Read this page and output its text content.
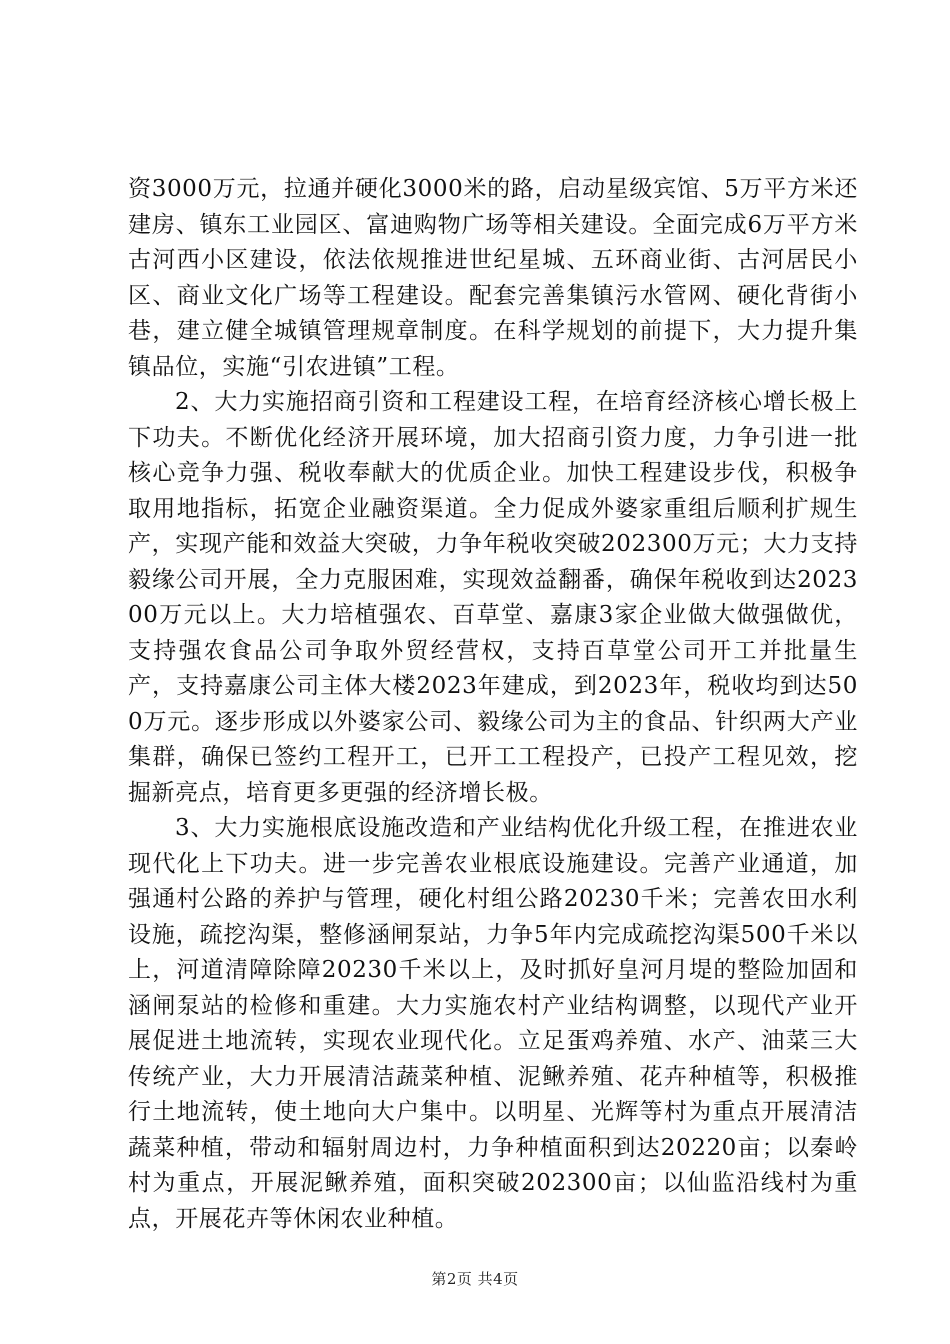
资3000万元，拉通并硬化3000米的路，启动星级宾馆、5万平方米还建房、镇东工业园区、富迪购物广场等相关建设。全面完成6万平方米古河西小区建设，依法依规推进世纪星城、五环商业街、古河居民小区、商业文化广场等工程建设。配套完善集镇污水管网、硬化背街小巷，建立健全城镇管理规章制度。在科学规划的前提下，大力提升集镇品位，实施“引农进镇”工程。

2、大力实施招商引资和工程建设工程，在培育经济核心增长极上下功夫。不断优化经济开展环境，加大招商引资力度，力争引进一批核心竞争力强、税收奉献大的优质企业。加快工程建设步伐，积极争取用地指标，拓宽企业融资渠道。全力促成外婆家重组后顺利扩规生产，实现产能和效益大突破，力争年税收突破202300万元；大力支持毅缘公司开展，全力克服困难，实现效益翻番，确保年税收到达202300万元以上。大力培植强农、百草堂、嘉康3家企业做大做强做优，支持强农食品公司争取外贸经营权，支持百草堂公司开工并批量生产，支持嘉康公司主体大楼2023年建成，到2023年，税收均到达500万元。逐步形成以外婆家公司、毅缘公司为主的食品、针织两大产业集群，确保已签约工程开工，已开工工程投产，已投产工程见效，挖掘新亮点，培育更多更强的经济增长极。

3、大力实施根底设施改造和产业结构优化升级工程，在推进农业现代化上下功夫。进一步完善农业根底设施建设。完善产业通道，加强通村公路的养护与管理，硬化村组公路20230千米；完善农田水利设施，疏挖沟渠，整修涵闸泵站，力争5年内完成疏挖沟渠500千米以上，河道清障除障20230千米以上，及时抓好皇河月堤的整险加固和涵闸泵站的检修和重建。大力实施农村产业结构调整，以现代产业开展促进土地流转，实现农业现代化。立足蛋鸡养殖、水产、油菜三大传统产业，大力开展清洁蔬菜种植、泥鳅养殖、花卉种植等，积极推行土地流转，使土地向大户集中。以明星、光辉等村为重点开展清洁蔬菜种植，带动和辐射周边村，力争种植面积到达20220亩；以秦岭村为重点，开展泥鳅养殖，面积突破202300亩；以仙监沿线村为重点，开展花卉等休闲农业种植。

第2页 共4页
